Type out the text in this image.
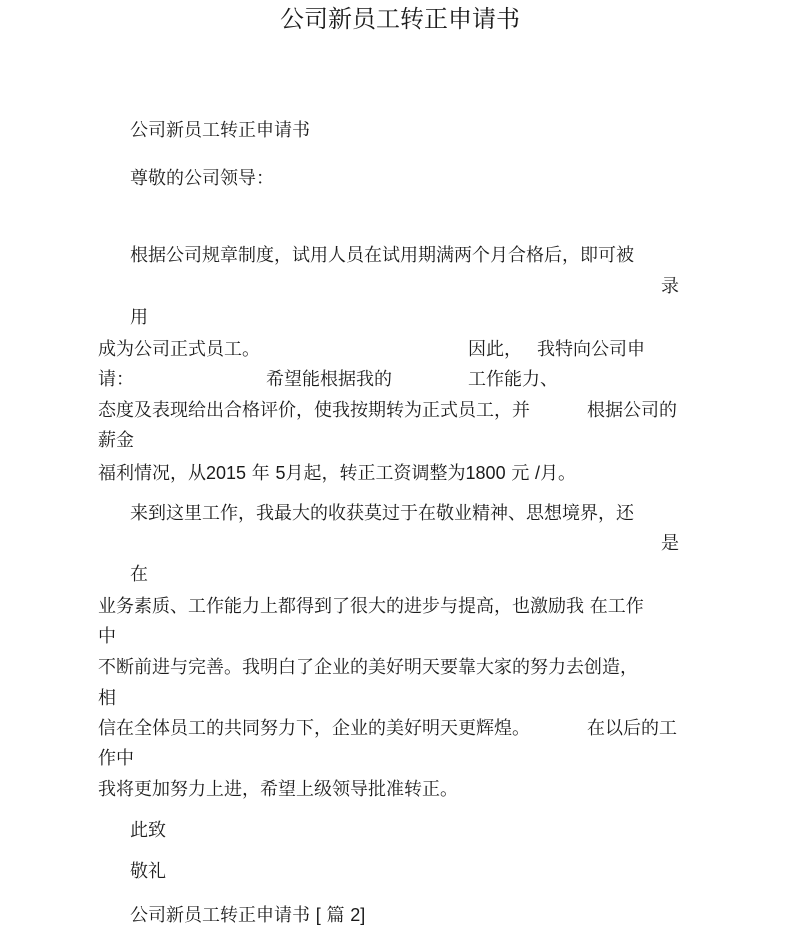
公司新员工转正申请书
公司新员工转正申请书
尊敬的公司领导：
根据公司规章制度，试用人员在试用期满两个月合格后，即可被
录
用
成为公司正式员工。	因此， 我特向公司申
请：	希望能根据我的	工作能力、
态度及表现给出合格评价，使我按期转为正式员工，并	根据公司的
薪金
福利情况，从2015 年 5月起，转正工资调整为1800 元 /月。
来到这里工作，我最大的收获莫过于在敬业精神、思想境界，还
是
在
业务素质、工作能力上都得到了很大的进步与提高，也激励我 在工作
中
不断前进与完善。我明白了企业的美好明天要靠大家的努力去创造，
相
信在全体员工的共同努力下，企业的美好明天更辉煌。	在以后的工
作中
我将更加努力上进，希望上级领导批准转正。
此致
敬礼
公司新员工转正申请书 [ 篇 2]
